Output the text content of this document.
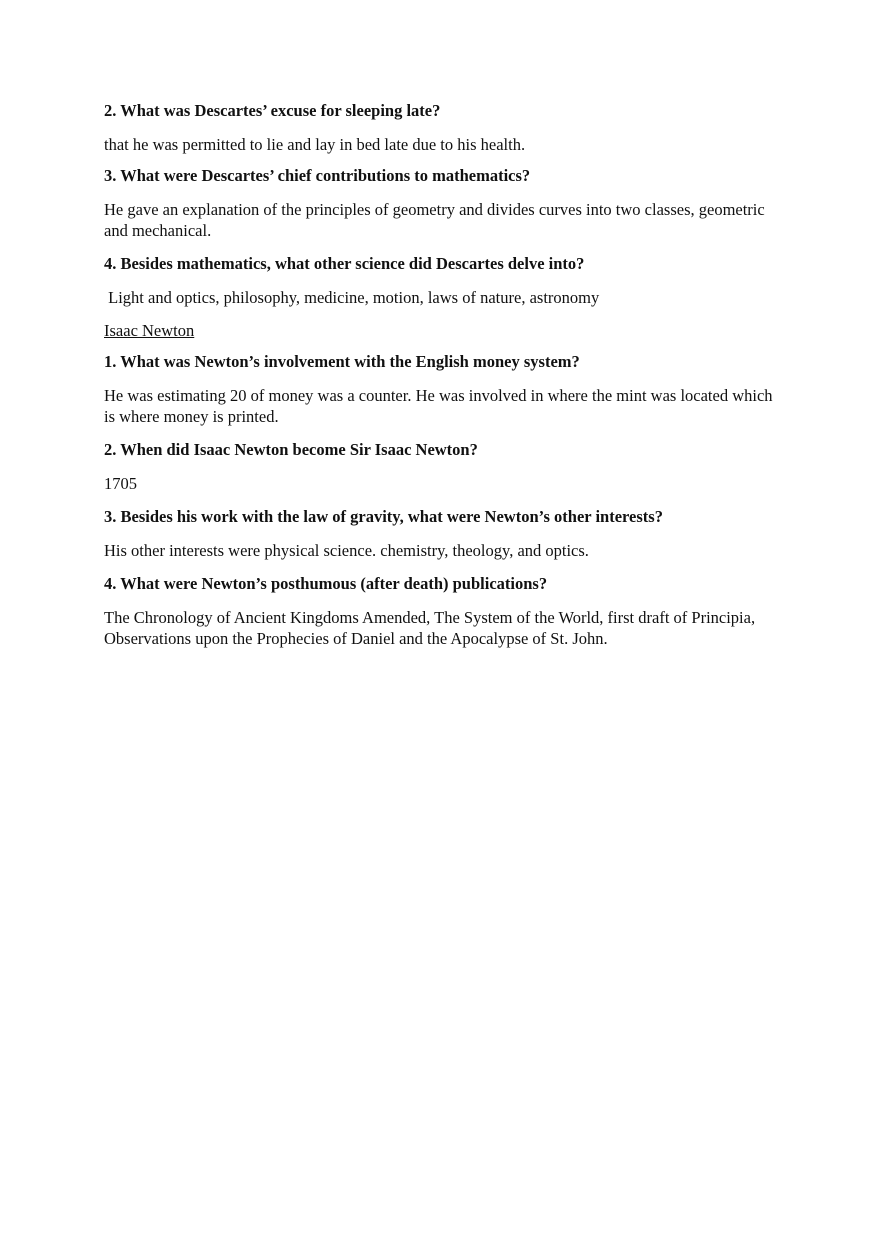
2. What was Descartes’ excuse for sleeping late?

that he was permitted to lie and lay in bed late due to his health.

3. What were Descartes’ chief contributions to mathematics?

He gave an explanation of the principles of geometry and divides curves into two classes, geometric and mechanical.

4. Besides mathematics, what other science did Descartes delve into?

Light and optics, philosophy, medicine, motion, laws of nature, astronomy

Isaac Newton

1. What was Newton’s involvement with the English money system?

He was estimating 20 of money was a counter. He was involved in where the mint was located which is where money is printed.

2. When did Isaac Newton become Sir Isaac Newton?

1705

3. Besides his work with the law of gravity, what were Newton’s other interests?

His other interests were physical science. chemistry, theology, and optics.

4. What were Newton’s posthumous (after death) publications?

The Chronology of Ancient Kingdoms Amended, The System of the World, first draft of Principia, Observations upon the Prophecies of Daniel and the Apocalypse of St. John.
